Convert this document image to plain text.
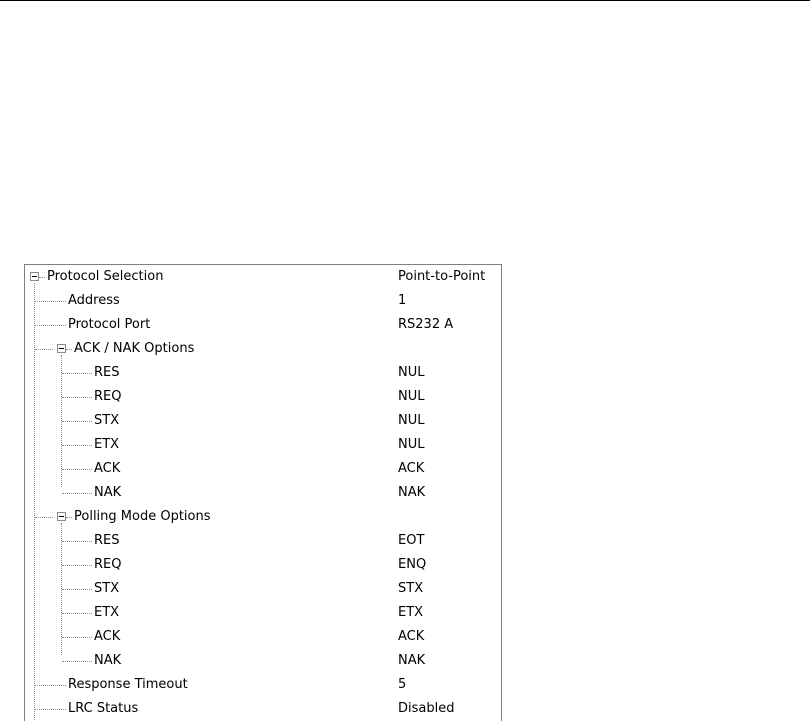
Protocol Selection	Point-to-Point
Address	1
Protocol Port	RS232 A
ACK / NAK Options
RES	NUL
REQ	NUL
STX	NUL
ETX	NUL
ACK	ACK
NAK	NAK
Polling Mode Options
RES	EOT
REQ	ENQ
STX	STX
ETX	ETX
ACK	ACK
NAK	NAK
Response Timeout	5
LRC Status	Disabled
